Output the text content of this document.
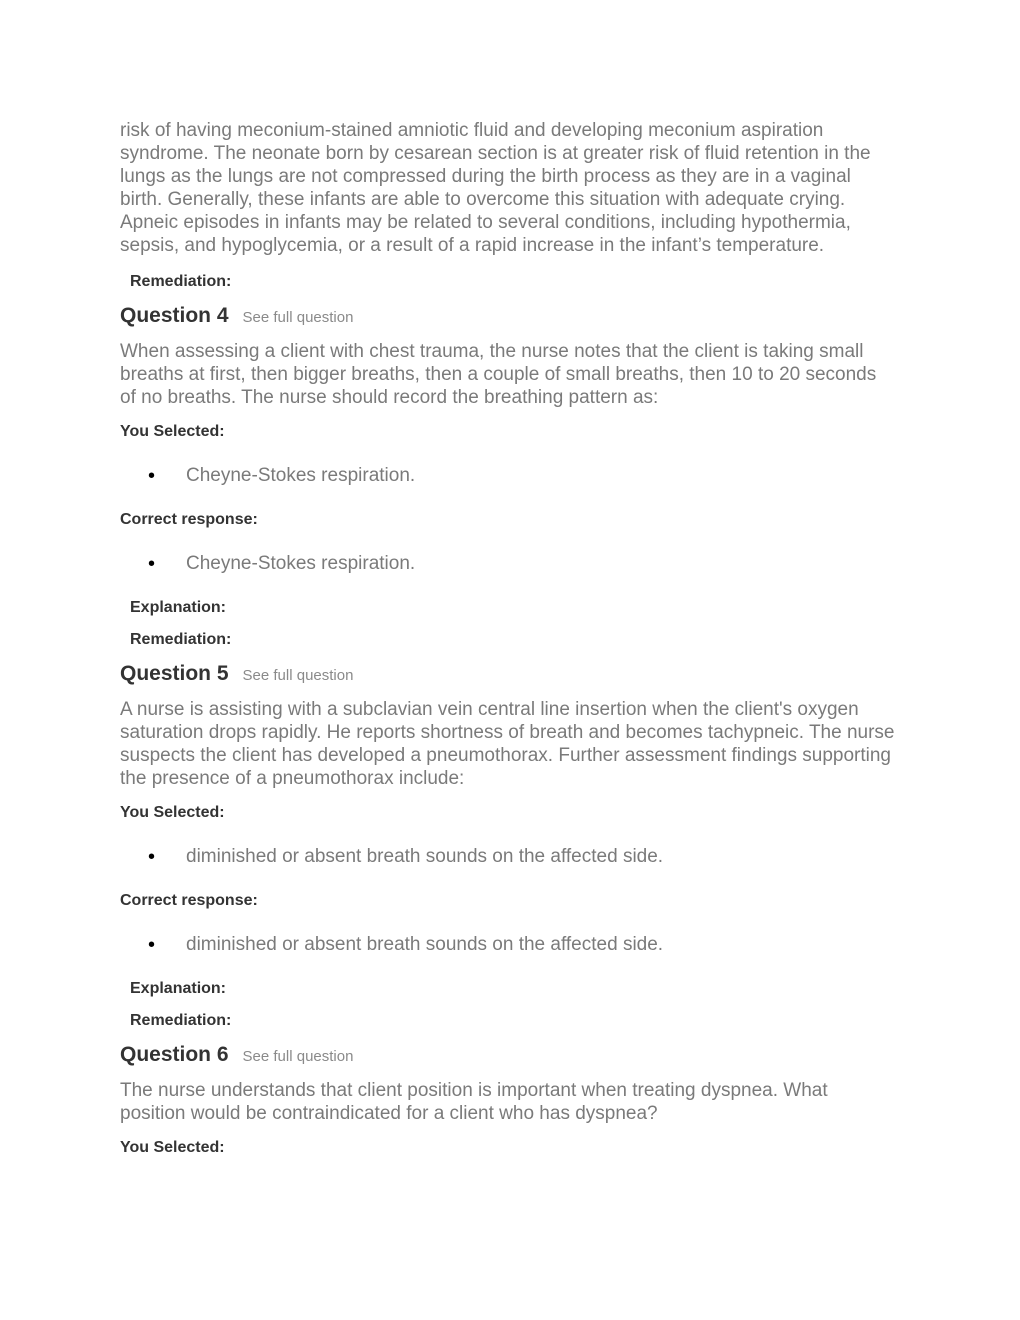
risk of having meconium-stained amniotic fluid and developing meconium aspiration syndrome. The neonate born by cesarean section is at greater risk of fluid retention in the lungs as the lungs are not compressed during the birth process as they are in a vaginal birth. Generally, these infants are able to overcome this situation with adequate crying. Apneic episodes in infants may be related to several conditions, including hypothermia, sepsis, and hypoglycemia, or a result of a rapid increase in the infant’s temperature.

Remediation:

Question 4 See full question

When assessing a client with chest trauma, the nurse notes that the client is taking small breaths at first, then bigger breaths, then a couple of small breaths, then 10 to 20 seconds of no breaths. The nurse should record the breathing pattern as:

You Selected:

• Cheyne-Stokes respiration.

Correct response:

• Cheyne-Stokes respiration.

Explanation:

Remediation:

Question 5 See full question

A nurse is assisting with a subclavian vein central line insertion when the client's oxygen saturation drops rapidly. He reports shortness of breath and becomes tachypneic. The nurse suspects the client has developed a pneumothorax. Further assessment findings supporting the presence of a pneumothorax include:

You Selected:

• diminished or absent breath sounds on the affected side.

Correct response:

• diminished or absent breath sounds on the affected side.

Explanation:

Remediation:

Question 6 See full question

The nurse understands that client position is important when treating dyspnea. What position would be contraindicated for a client who has dyspnea?

You Selected:
